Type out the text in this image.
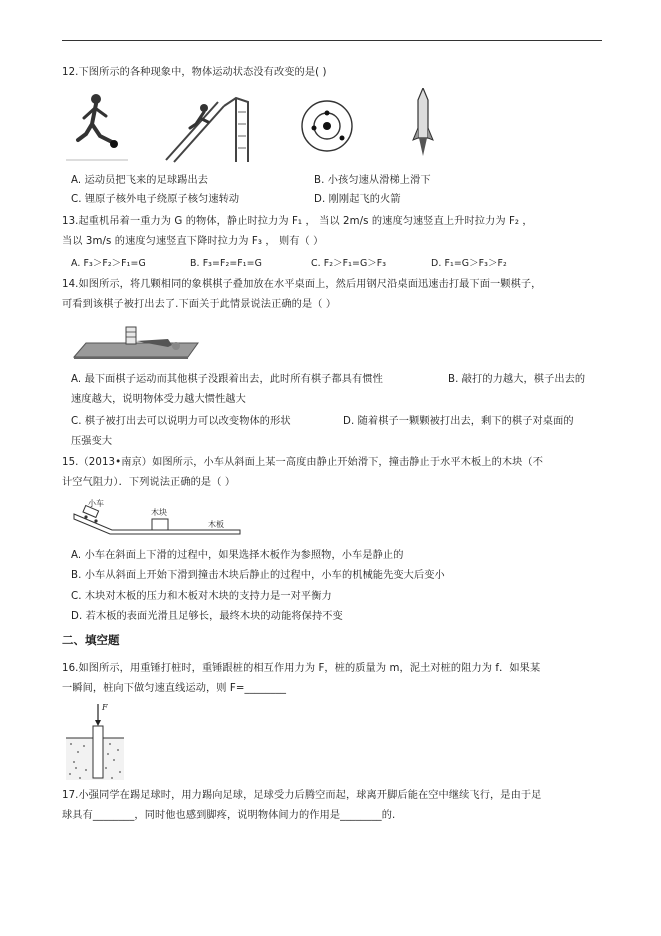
12.下图所示的各种现象中，物体运动状态没有改变的是( )
A. 运动员把飞来的足球踢出去	B. 小孩匀速从滑梯上滑下
C. 锂原子核外电子绕原子核匀速转动	D. 刚刚起飞的火箭
13.起重机吊着一重力为 G 的物体，静止时拉力为 F₁ ， 当以 2m/s 的速度匀速竖直上升时拉力为 F₂ ，
当以 3m/s 的速度匀速竖直下降时拉力为 F₃ ， 则有（ ）
A. F₃＞F₂＞F₁=G	B. F₃=F₂=F₁=G	C. F₂＞F₁=G＞F₃	D. F₁=G＞F₃＞F₂
14.如图所示，将几颗相同的象棋棋子叠加放在水平桌面上，然后用钢尺沿桌面迅速击打最下面一颗棋子，
可看到该棋子被打出去了.下面关于此情景说法正确的是（ ）
A. 最下面棋子运动而其他棋子没跟着出去，此时所有棋子都具有惯性	B. 敲打的力越大，棋子出去的
速度越大，说明物体受力越大惯性越大
C. 棋子被打出去可以说明力可以改变物体的形状	D. 随着棋子一颗颗被打出去，剩下的棋子对桌面的
压强变大
15.（2013•南京）如图所示，小车从斜面上某一高度由静止开始滑下，撞击静止于水平木板上的木块（不
计空气阻力）．下列说法正确的是（ ）
小车
木块
木板
A. 小车在斜面上下滑的过程中，如果选择木板作为参照物，小车是静止的
B. 小车从斜面上开始下滑到撞击木块后静止的过程中，小车的机械能先变大后变小
C. 木块对木板的压力和木板对木块的支持力是一对平衡力
D. 若木板的表面光滑且足够长，最终木块的动能将保持不变
二、填空题
16.如图所示，用重锤打桩时，重锤跟桩的相互作用力为 F，桩的质量为 m，泥土对桩的阻力为 f．如果某
一瞬间，桩向下做匀速直线运动，则 F=________
F
17.小强同学在踢足球时，用力踢向足球，足球受力后腾空而起，球离开脚后能在空中继续飞行，是由于足
球具有________，同时他也感到脚疼，说明物体间力的作用是________的.
